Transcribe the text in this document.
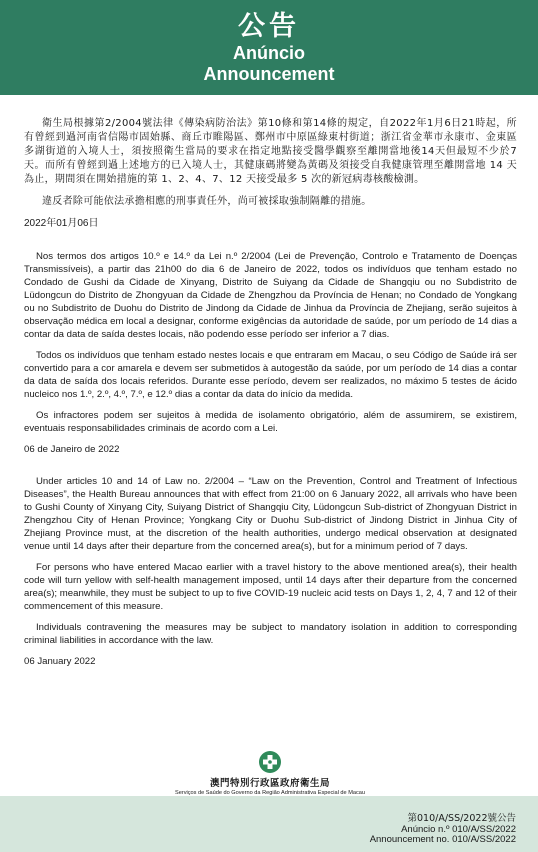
公告
Anúncio
Announcement

衛生局根據第2/2004號法律《傳染病防治法》第10條和第14條的規定，自2022年1月6日21時起，所有曾經到過河南省信陽市固始縣、商丘市睢陽區、鄭州市中原區綠東村街道；浙江省金華市永康市、金東區多湖街道的入境人士，須按照衛生當局的要求在指定地點接受醫學觀察至離開當地後14天但最短不少於7天。而所有曾經到過上述地方的已入境人士，其健康碼將變為黃碼及須接受自我健康管理至離開當地 14 天為止，期間須在開始措施的第 1、2、4、7、12 天接受最多 5 次的新冠病毒核酸檢測。

違反者除可能依法承擔相應的刑事責任外，尚可被採取強制隔離的措施。

2022年01月06日

Nos termos dos artigos 10.º e 14.º da Lei n.º 2/2004 (Lei de Prevenção, Controlo e Tratamento de Doenças Transmissíveis), a partir das 21h00 do dia 6 de Janeiro de 2022, todos os indivíduos que tenham estado no Condado de Gushi da Cidade de Xinyang, Distrito de Suiyang da Cidade de Shangqiu ou no Subdistrito de Lüdongcun do Distrito de Zhongyuan da Cidade de Zhengzhou da Província de Henan; no Condado de Yongkang ou no Subdistrito de Duohu do Distrito de Jindong da Cidade de Jinhua da Província de Zhejiang, serão sujeitos à observação médica em local a designar, conforme exigências da autoridade de saúde, por um período de 14 dias a contar da data de saída destes locais, não podendo esse período ser inferior a 7 dias.

Todos os indivíduos que tenham estado nestes locais e que entraram em Macau, o seu Código de Saúde irá ser convertido para a cor amarela e devem ser submetidos à autogestão da saúde, por um período de 14 dias a contar da data de saída dos locais referidos. Durante esse período, devem ser realizados, no máximo 5 testes de ácido nucleico nos 1.º, 2.º, 4.º, 7.º, e 12.º dias a contar da data do início da medida.

Os infractores podem ser sujeitos à medida de isolamento obrigatório, além de assumirem, se existirem, eventuais responsabilidades criminais de acordo com a Lei.

06 de Janeiro de 2022

Under articles 10 and 14 of Law no. 2/2004 – “Law on the Prevention, Control and Treatment of Infectious Diseases”, the Health Bureau announces that with effect from 21:00 on 6 January 2022, all arrivals who have been to Gushi County of Xinyang City, Suiyang District of Shangqiu City, Lüdongcun Sub-district of Zhongyuan District in Zhengzhou City of Henan Province; Yongkang City or Duohu Sub-district of Jindong District in Jinhua City of Zhejiang Province must, at the discretion of the health authorities, undergo medical observation at designated venue until 14 days after their departure from the concerned area(s), but for a minimum period of 7 days.

For persons who have entered Macao earlier with a travel history to the above mentioned area(s), their health code will turn yellow with self-health management imposed, until 14 days after their departure from the concerned area(s); meanwhile, they must be subject to up to five COVID-19 nucleic acid tests on Days 1, 2, 4, 7 and 12 of their commencement of this measure.

Individuals contravening the measures may be subject to mandatory isolation in addition to corresponding criminal liabilities in accordance with the law.

06 January 2022
澳門特別行政區政府衛生局
Serviços de Saúde do Governo da Região Administrativa Especial de Macau
第010/A/SS/2022號公告
Anúncio n.º 010/A/SS/2022
Announcement no. 010/A/SS/2022
